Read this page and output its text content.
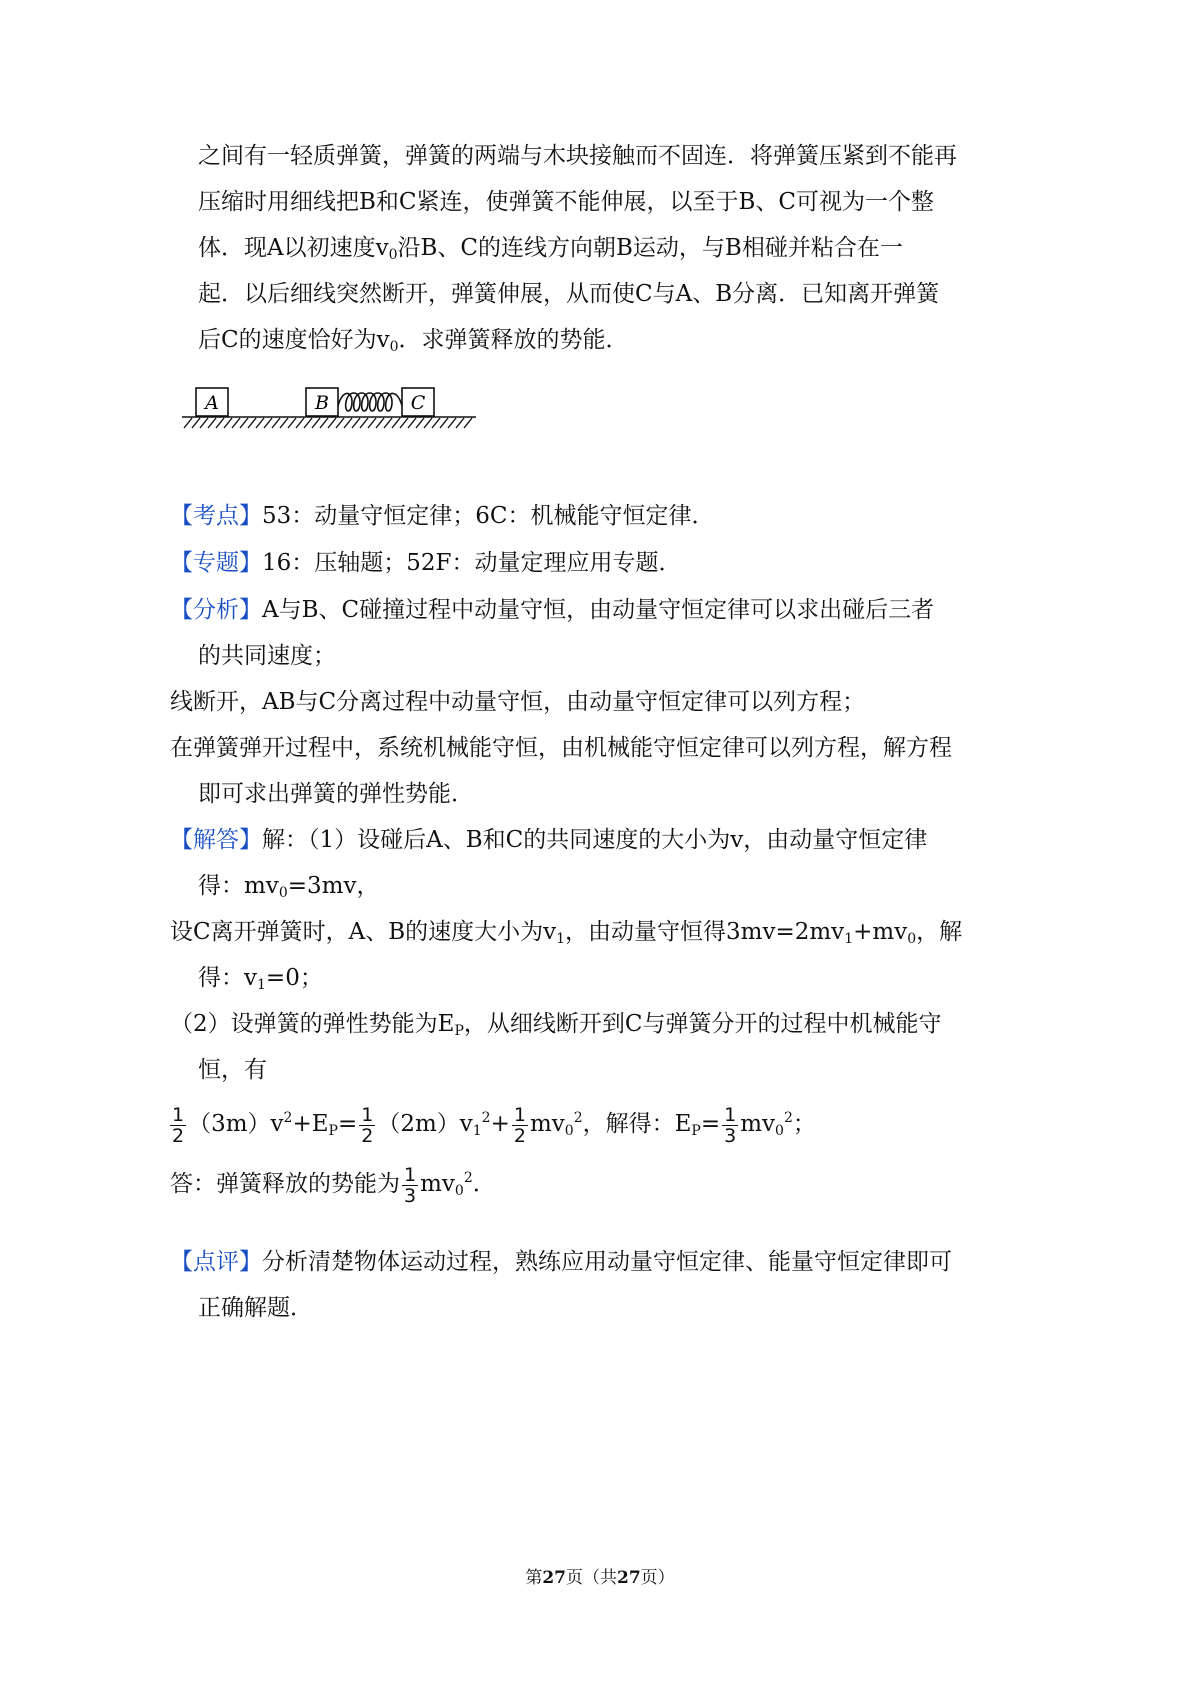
之间有一轻质弹簧，弹簧的两端与木块接触而不固连．将弹簧压紧到不能再
压缩时用细线把B和C紧连，使弹簧不能伸展，以至于B、C可视为一个整
体．现A以初速度$v_0$沿B、C的连线方向朝B运动，与B相碰并粘合在一
起．以后细线突然断开，弹簧伸展，从而使C与A、B分离．已知离开弹簧
后C的速度恰好为$v_0$．求弹簧释放的势能．
A	B	C
【考点】53：动量守恒定律；6C：机械能守恒定律．
【专题】16：压轴题；52F：动量定理应用专题．
【分析】A与B、C碰撞过程中动量守恒，由动量守恒定律可以求出碰后三者
的共同速度；
线断开，AB与C分离过程中动量守恒，由动量守恒定律可以列方程；
在弹簧弹开过程中，系统机械能守恒，由机械能守恒定律可以列方程，解方程
即可求出弹簧的弹性势能．
【解答】解：（1）设碰后A、B和C的共同速度的大小为v，由动量守恒定律
得：$mv_0=3mv$，
设C离开弹簧时，A、B的速度大小为$v_1$，由动量守恒得$3mv=2mv_1+mv_0$，解
得：$v_1=0$；
（2）设弹簧的弹性势能为$E_P$，从细线断开到C与弹簧分开的过程中机械能守
恒，有
$\frac{1}{2} (3m)v^2+E_P= \frac{1}{2} (2m)v_1^2+ \frac{1}{2} mv_0^2$，解得：$E_P= \frac{1}{3} mv_0^2$；
答：弹簧释放的势能为 $\frac{1}{3} mv_0^2$．
【点评】分析清楚物体运动过程，熟练应用动量守恒定律、能量守恒定律即可
正确解题．
第27页（共27页）
